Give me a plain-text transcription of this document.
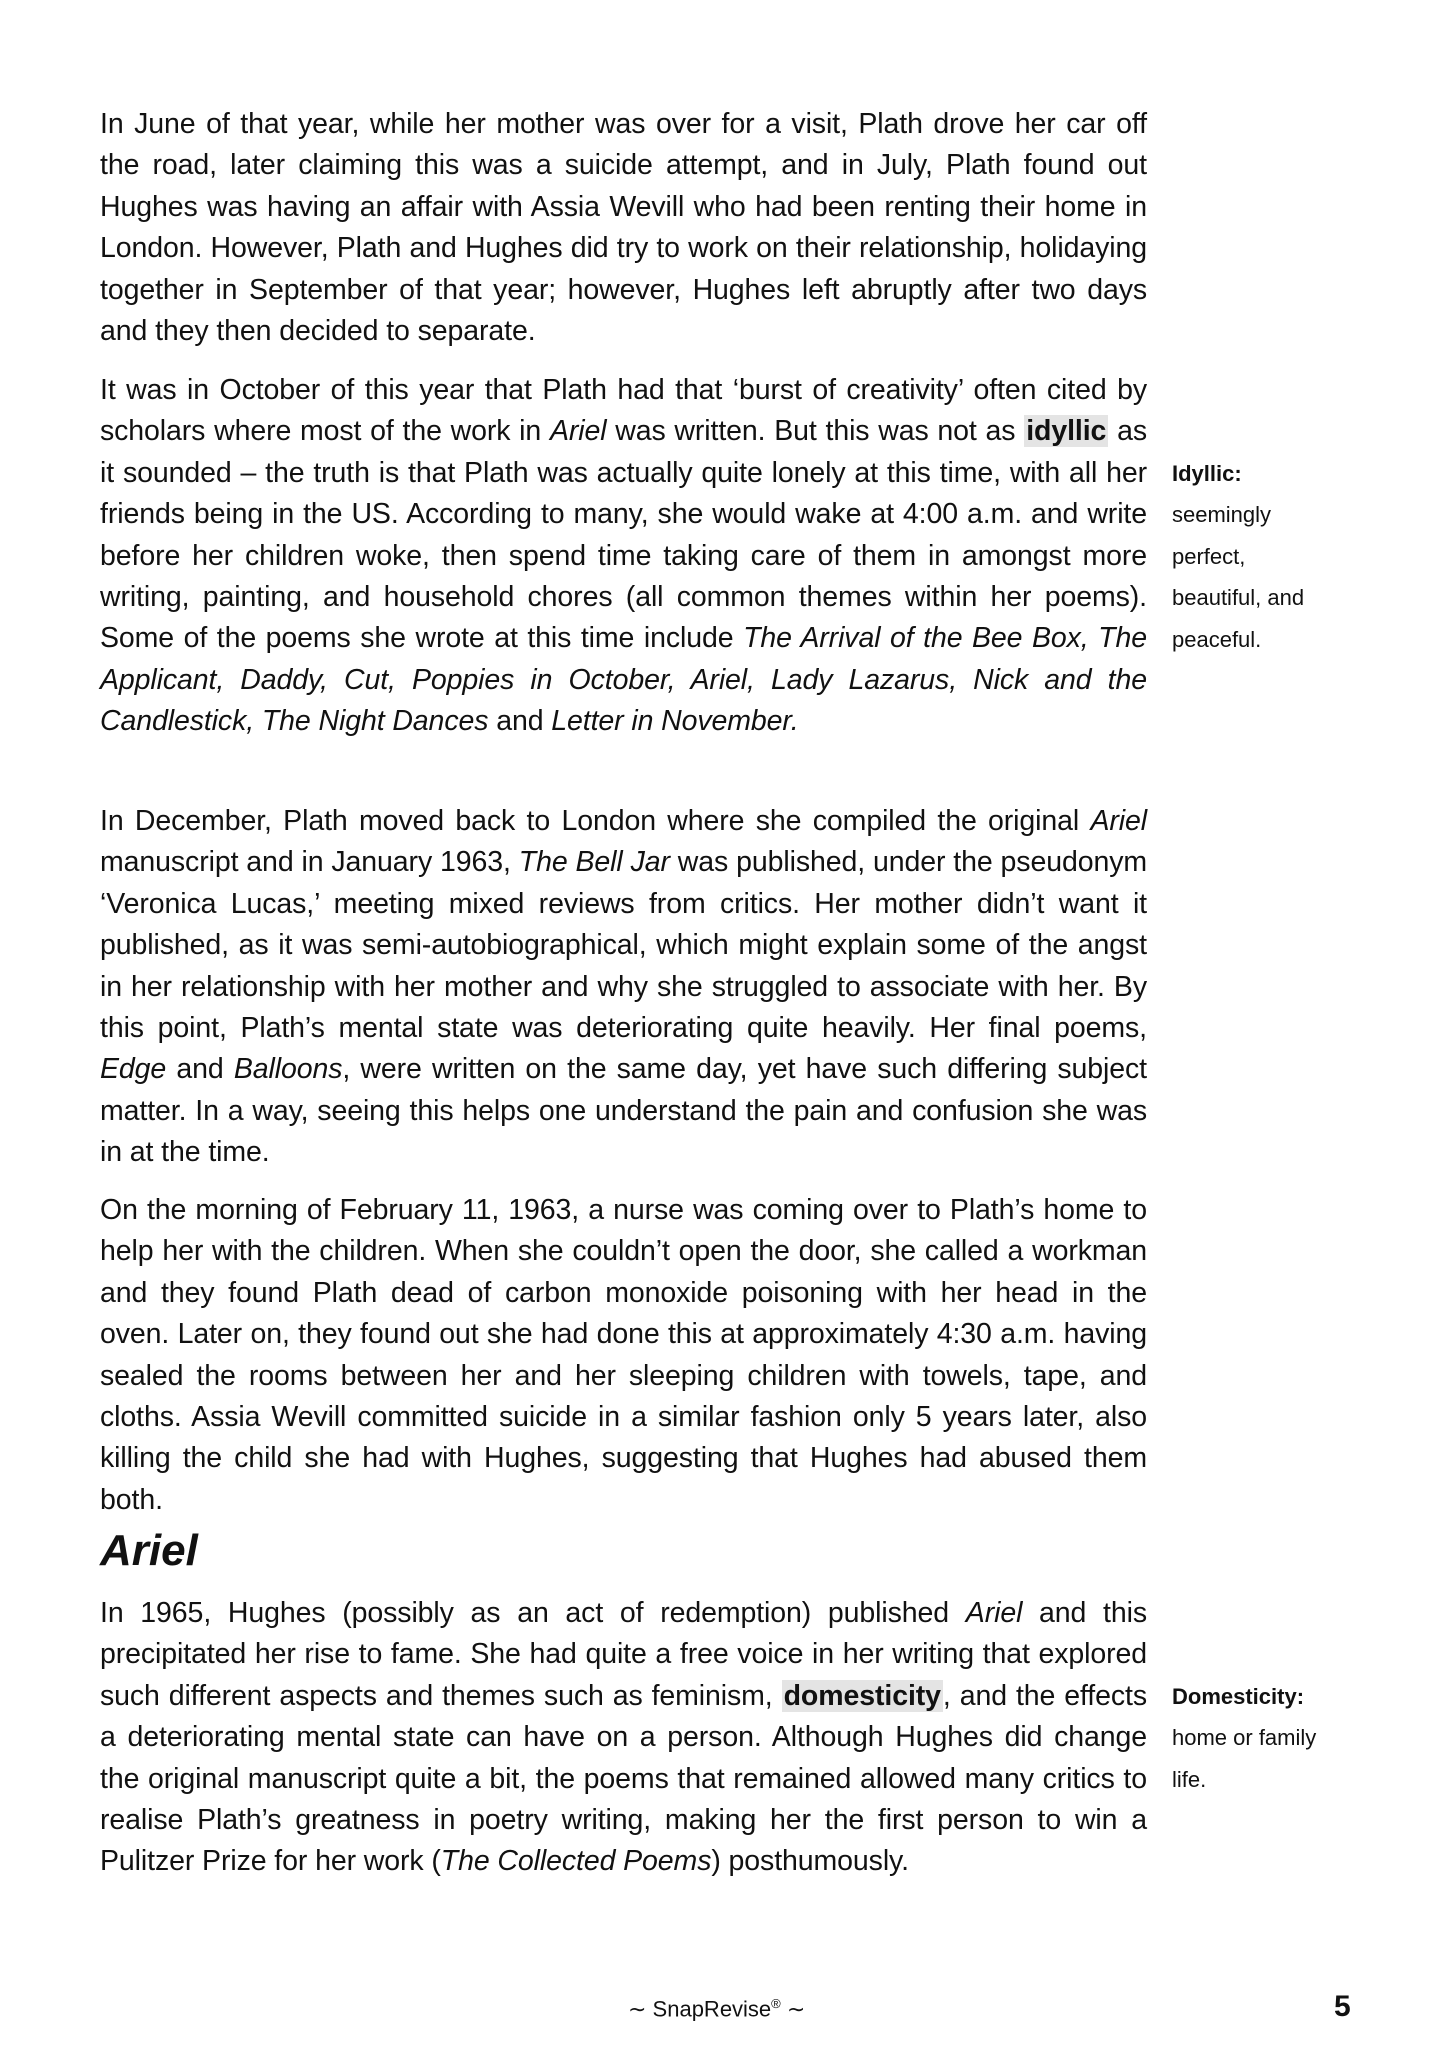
In June of that year, while her mother was over for a visit, Plath drove her car off the road, later claiming this was a suicide attempt, and in July, Plath found out Hughes was having an affair with Assia Wevill who had been renting their home in London. However, Plath and Hughes did try to work on their relationship, holidaying together in September of that year; however, Hughes left abruptly after two days and they then decided to separate.

It was in October of this year that Plath had that ‘burst of creativity’ often cited by scholars where most of the work in Ariel was written. But this was not as idyllic as it sounded – the truth is that Plath was actually quite lonely at this time, with all her friends being in the US. According to many, she would wake at 4:00 a.m. and write before her children woke, then spend time taking care of them in amongst more writing, painting, and household chores (all common themes within her poems). Some of the poems she wrote at this time include The Arrival of the Bee Box, The Applicant, Daddy, Cut, Poppies in October, Ariel, Lady Lazarus, Nick and the Candlestick, The Night Dances and Letter in November.

In December, Plath moved back to London where she compiled the original Ariel manuscript and in January 1963, The Bell Jar was published, under the pseudonym ‘Veronica Lucas,’ meeting mixed reviews from critics. Her mother didn’t want it published, as it was semi-autobiographical, which might explain some of the angst in her relationship with her mother and why she struggled to associate with her. By this point, Plath’s mental state was deteriorating quite heavily. Her final poems, Edge and Balloons, were written on the same day, yet have such differing subject matter. In a way, seeing this helps one understand the pain and confusion she was in at the time.

On the morning of February 11, 1963, a nurse was coming over to Plath’s home to help her with the children. When she couldn’t open the door, she called a workman and they found Plath dead of carbon monoxide poisoning with her head in the oven. Later on, they found out she had done this at approximately 4:30 a.m. having sealed the rooms between her and her sleeping children with towels, tape, and cloths. Assia Wevill committed suicide in a similar fashion only 5 years later, also killing the child she had with Hughes, suggesting that Hughes had abused them both.

Ariel

In 1965, Hughes (possibly as an act of redemption) published Ariel and this precipitated her rise to fame. She had quite a free voice in her writing that explored such different aspects and themes such as feminism, domesticity, and the effects a deteriorating mental state can have on a person. Although Hughes did change the original manuscript quite a bit, the poems that remained allowed many critics to realise Plath’s greatness in poetry writing, making her the first person to win a Pulitzer Prize for her work (The Collected Poems) posthumously.

Idyllic:
seemingly
perfect,
beautiful, and
peaceful.
Domesticity:
home or family
life.
∼ SnapRevise® ∼	5
